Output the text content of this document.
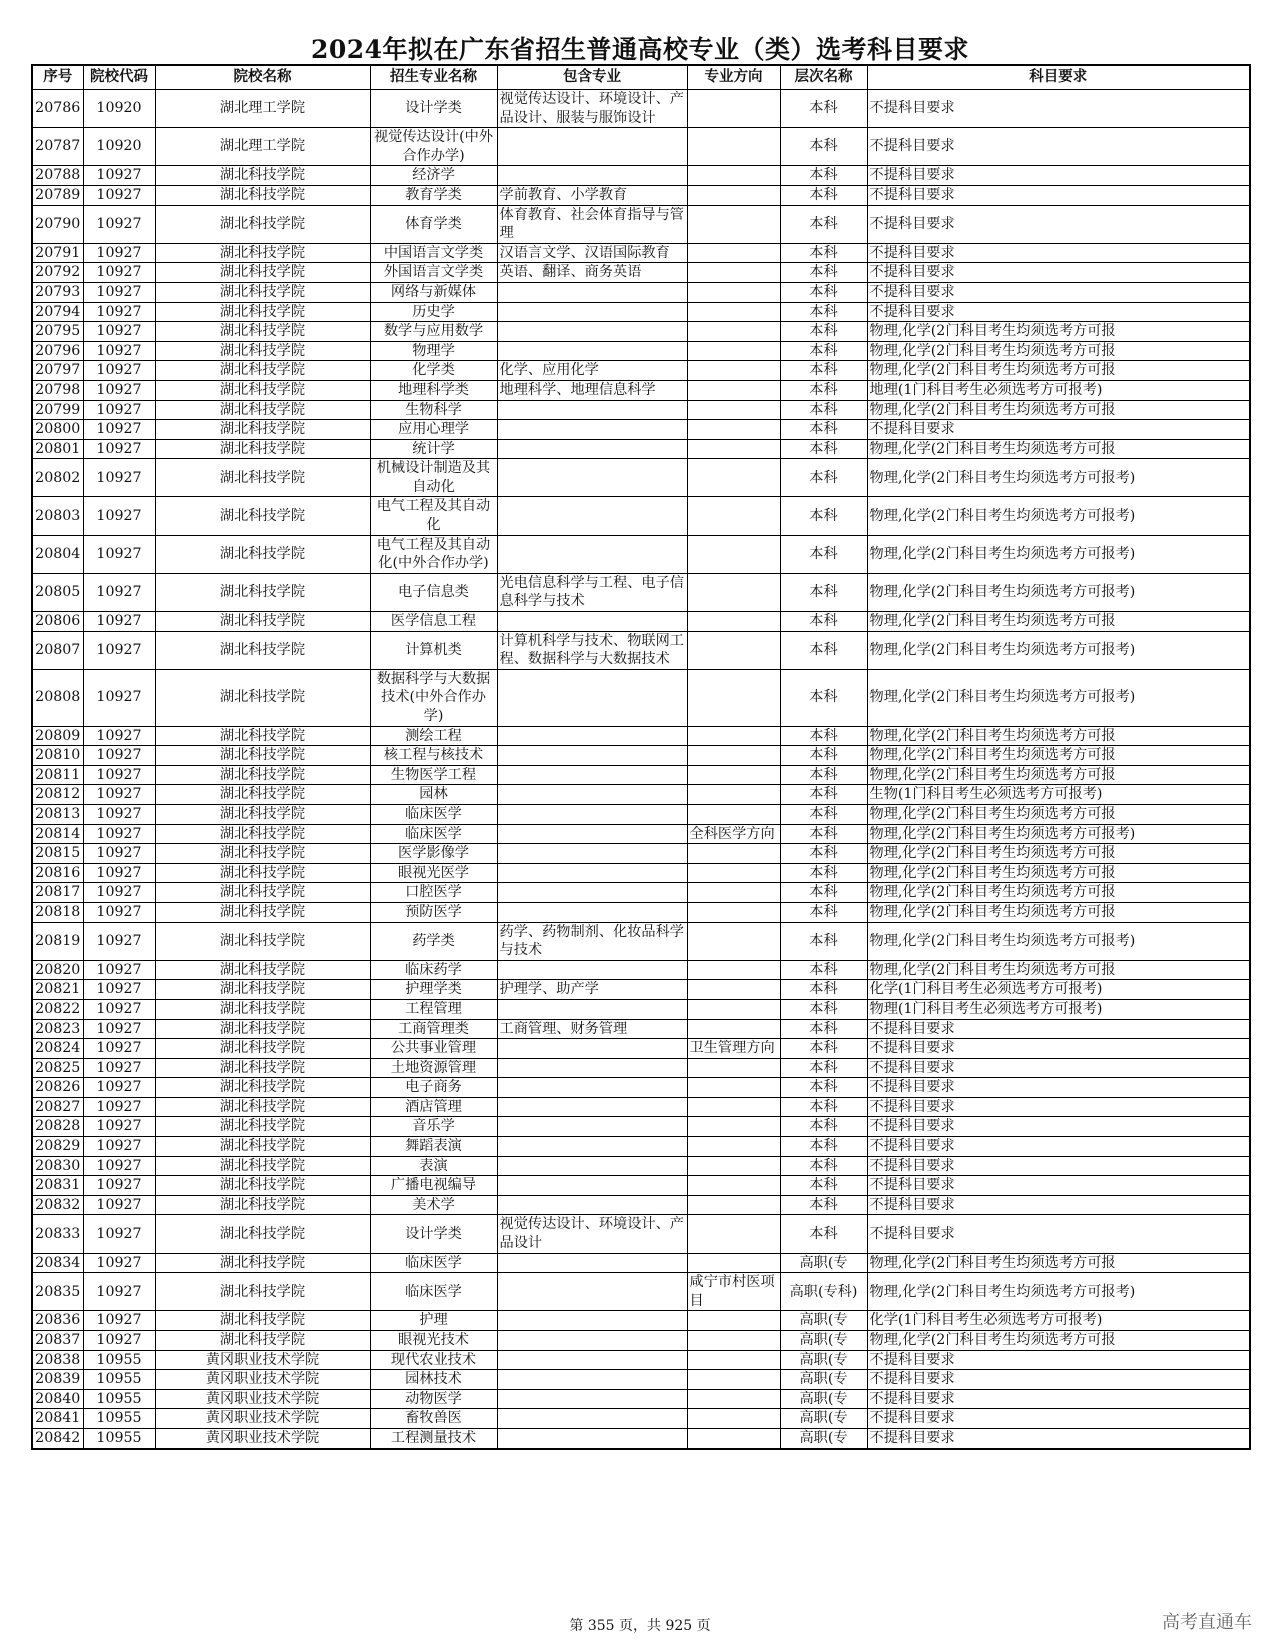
2024年拟在广东省招生普通高校专业（类）选考科目要求
序号	院校代码	院校名称	招生专业名称	包含专业	专业方向	层次名称	科目要求
20786	10920	湖北理工学院	设计学类	视觉传达设计、环境设计、产品设计、服装与服饰设计		本科	不提科目要求
20787	10920	湖北理工学院	视觉传达设计(中外合作办学)			本科	不提科目要求
20788	10927	湖北科技学院	经济学			本科	不提科目要求
20789	10927	湖北科技学院	教育学类	学前教育、小学教育		本科	不提科目要求
20790	10927	湖北科技学院	体育学类	体育教育、社会体育指导与管理		本科	不提科目要求
20791	10927	湖北科技学院	中国语言文学类	汉语言文学、汉语国际教育		本科	不提科目要求
20792	10927	湖北科技学院	外国语言文学类	英语、翻译、商务英语		本科	不提科目要求
20793	10927	湖北科技学院	网络与新媒体			本科	不提科目要求
20794	10927	湖北科技学院	历史学			本科	不提科目要求
20795	10927	湖北科技学院	数学与应用数学			本科	物理,化学(2门科目考生均须选考方可报
20796	10927	湖北科技学院	物理学			本科	物理,化学(2门科目考生均须选考方可报
20797	10927	湖北科技学院	化学类	化学、应用化学		本科	物理,化学(2门科目考生均须选考方可报
20798	10927	湖北科技学院	地理科学类	地理科学、地理信息科学		本科	地理(1门科目考生必须选考方可报考)
20799	10927	湖北科技学院	生物科学			本科	物理,化学(2门科目考生均须选考方可报
20800	10927	湖北科技学院	应用心理学			本科	不提科目要求
20801	10927	湖北科技学院	统计学			本科	物理,化学(2门科目考生均须选考方可报
20802	10927	湖北科技学院	机械设计制造及其自动化			本科	物理,化学(2门科目考生均须选考方可报考)
20803	10927	湖北科技学院	电气工程及其自动化			本科	物理,化学(2门科目考生均须选考方可报考)
20804	10927	湖北科技学院	电气工程及其自动化(中外合作办学)			本科	物理,化学(2门科目考生均须选考方可报考)
20805	10927	湖北科技学院	电子信息类	光电信息科学与工程、电子信息科学与技术		本科	物理,化学(2门科目考生均须选考方可报考)
20806	10927	湖北科技学院	医学信息工程			本科	物理,化学(2门科目考生均须选考方可报
20807	10927	湖北科技学院	计算机类	计算机科学与技术、物联网工程、数据科学与大数据技术		本科	物理,化学(2门科目考生均须选考方可报考)
20808	10927	湖北科技学院	数据科学与大数据技术(中外合作办学)			本科	物理,化学(2门科目考生均须选考方可报考)
20809	10927	湖北科技学院	测绘工程			本科	物理,化学(2门科目考生均须选考方可报
20810	10927	湖北科技学院	核工程与核技术			本科	物理,化学(2门科目考生均须选考方可报
20811	10927	湖北科技学院	生物医学工程			本科	物理,化学(2门科目考生均须选考方可报
20812	10927	湖北科技学院	园林			本科	生物(1门科目考生必须选考方可报考)
20813	10927	湖北科技学院	临床医学			本科	物理,化学(2门科目考生均须选考方可报
20814	10927	湖北科技学院	临床医学		全科医学方向	本科	物理,化学(2门科目考生均须选考方可报考)
20815	10927	湖北科技学院	医学影像学			本科	物理,化学(2门科目考生均须选考方可报
20816	10927	湖北科技学院	眼视光医学			本科	物理,化学(2门科目考生均须选考方可报
20817	10927	湖北科技学院	口腔医学			本科	物理,化学(2门科目考生均须选考方可报
20818	10927	湖北科技学院	预防医学			本科	物理,化学(2门科目考生均须选考方可报
20819	10927	湖北科技学院	药学类	药学、药物制剂、化妆品科学与技术		本科	物理,化学(2门科目考生均须选考方可报考)
20820	10927	湖北科技学院	临床药学			本科	物理,化学(2门科目考生均须选考方可报
20821	10927	湖北科技学院	护理学类	护理学、助产学		本科	化学(1门科目考生必须选考方可报考)
20822	10927	湖北科技学院	工程管理			本科	物理(1门科目考生必须选考方可报考)
20823	10927	湖北科技学院	工商管理类	工商管理、财务管理		本科	不提科目要求
20824	10927	湖北科技学院	公共事业管理		卫生管理方向	本科	不提科目要求
20825	10927	湖北科技学院	土地资源管理			本科	不提科目要求
20826	10927	湖北科技学院	电子商务			本科	不提科目要求
20827	10927	湖北科技学院	酒店管理			本科	不提科目要求
20828	10927	湖北科技学院	音乐学			本科	不提科目要求
20829	10927	湖北科技学院	舞蹈表演			本科	不提科目要求
20830	10927	湖北科技学院	表演			本科	不提科目要求
20831	10927	湖北科技学院	广播电视编导			本科	不提科目要求
20832	10927	湖北科技学院	美术学			本科	不提科目要求
20833	10927	湖北科技学院	设计学类	视觉传达设计、环境设计、产品设计		本科	不提科目要求
20834	10927	湖北科技学院	临床医学			高职(专	物理,化学(2门科目考生均须选考方可报
20835	10927	湖北科技学院	临床医学		咸宁市村医项目	高职(专科)	物理,化学(2门科目考生均须选考方可报考)
20836	10927	湖北科技学院	护理			高职(专	化学(1门科目考生必须选考方可报考)
20837	10927	湖北科技学院	眼视光技术			高职(专	物理,化学(2门科目考生均须选考方可报
20838	10955	黄冈职业技术学院	现代农业技术			高职(专	不提科目要求
20839	10955	黄冈职业技术学院	园林技术			高职(专	不提科目要求
20840	10955	黄冈职业技术学院	动物医学			高职(专	不提科目要求
20841	10955	黄冈职业技术学院	畜牧兽医			高职(专	不提科目要求
20842	10955	黄冈职业技术学院	工程测量技术			高职(专	不提科目要求
第 355 页，共 925 页	高考直通车
